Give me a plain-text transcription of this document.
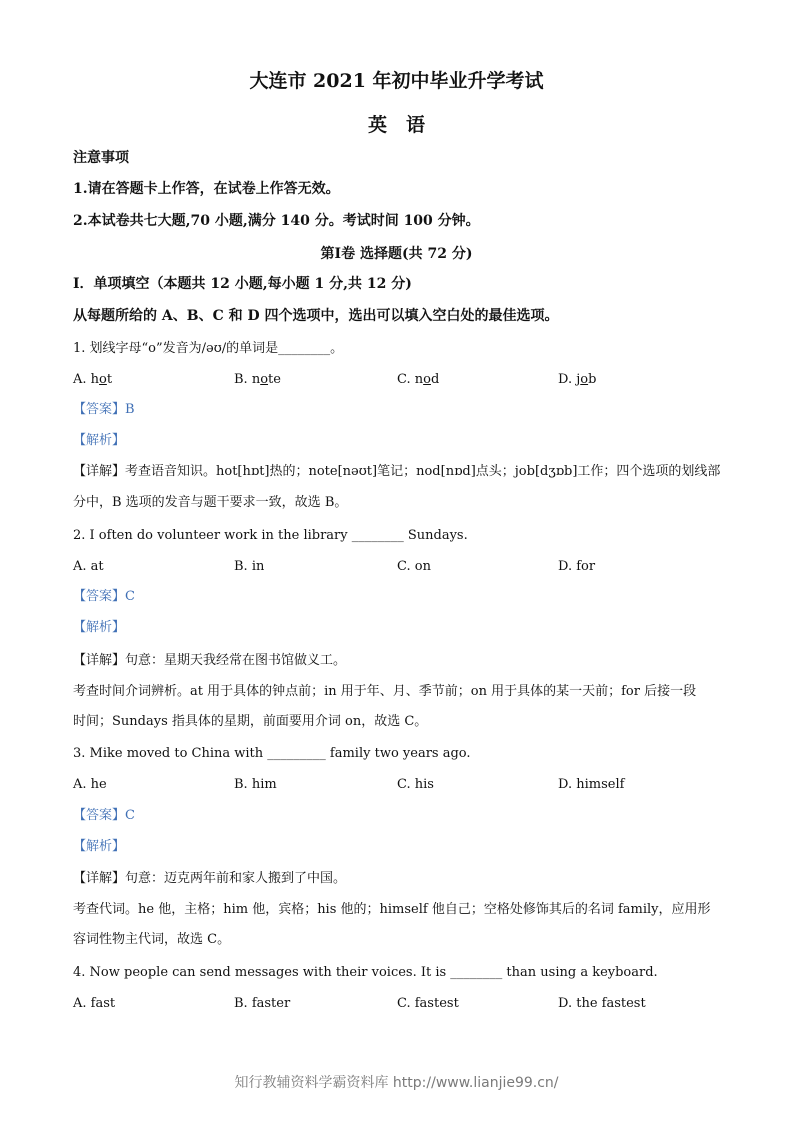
大连市 2021 年初中毕业升学考试
英　语
注意事项
1.请在答题卡上作答，在试卷上作答无效。
2.本试卷共七大题,70 小题,满分 140 分。考试时间 100 分钟。
第Ⅰ卷 选择题(共 72 分)
Ⅰ．单项填空（本题共 12 小题,每小题 1 分,共 12 分)
从每题所给的 A、B、C 和 D 四个选项中，选出可以填入空白处的最佳选项。
1. 划线字母“o”发音为/əʊ/的单词是________。
A. hot	B. note	C. nod	D. job
【答案】B
【解析】
【详解】考查语音知识。hot[hɒt]热的；note[nəʊt]笔记；nod[nɒd]点头；job[dʒɒb]工作；四个选项的划线部
分中，B 选项的发音与题干要求一致，故选 B。
2. I often do volunteer work in the library ________ Sundays.
A. at	B. in	C. on	D. for
【答案】C
【解析】
【详解】句意：星期天我经常在图书馆做义工。
考查时间介词辨析。at 用于具体的钟点前；in 用于年、月、季节前；on 用于具体的某一天前；for 后接一段
时间；Sundays 指具体的星期，前面要用介词 on，故选 C。
3. Mike moved to China with _________ family two years ago.
A. he	B. him	C. his	D. himself
【答案】C
【解析】
【详解】句意：迈克两年前和家人搬到了中国。
考查代词。he 他，主格；him 他，宾格；his 他的；himself 他自己；空格处修饰其后的名词 family，应用形
容词性物主代词，故选 C。
4. Now people can send messages with their voices. It is ________ than using a keyboard.
A. fast	B. faster	C. fastest	D. the fastest
知行教辅资料学霸资料库 http://www.lianjie99.cn/
